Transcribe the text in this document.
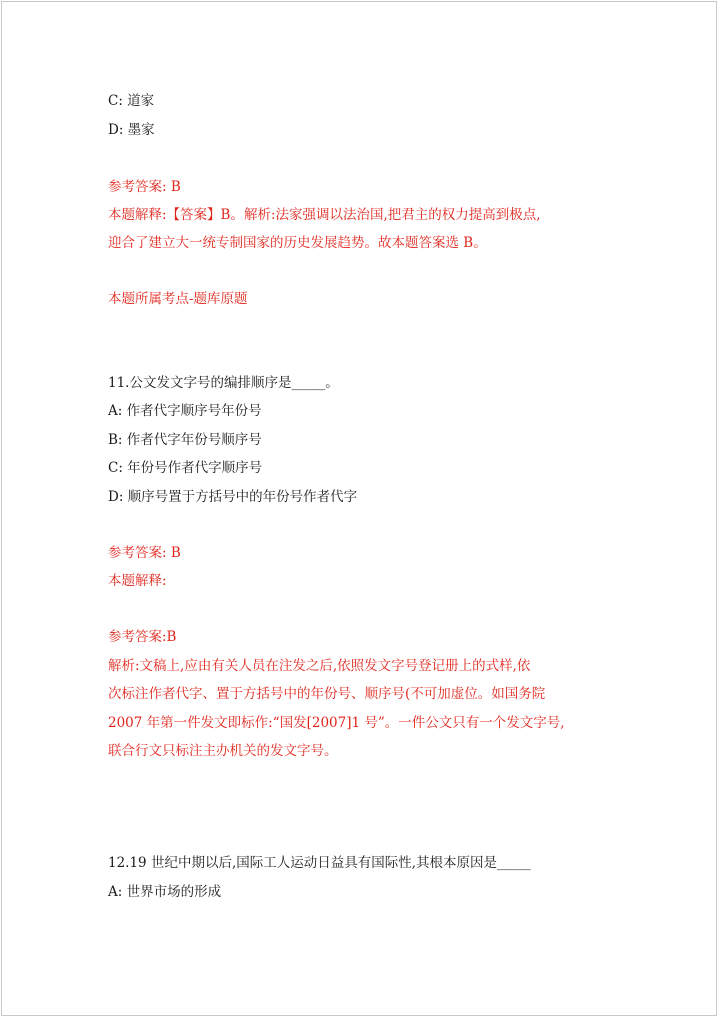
C: 道家
D: 墨家
参考答案: B
本题解释:【答案】B。解析:法家强调以法治国,把君主的权力提高到极点,
迎合了建立大一统专制国家的历史发展趋势。故本题答案选 B。
本题所属考点-题库原题
11.公文发文字号的编排顺序是_____。
A: 作者代字顺序号年份号
B: 作者代字年份号顺序号
C: 年份号作者代字顺序号
D: 顺序号置于方括号中的年份号作者代字
参考答案: B
本题解释:
参考答案:B
解析:文稿上,应由有关人员在注发之后,依照发文字号登记册上的式样,依
次标注作者代字、置于方括号中的年份号、顺序号(不可加虚位。如国务院
2007 年第一件发文即标作:“国发[2007]1 号”。一件公文只有一个发文字号,
联合行文只标注主办机关的发文字号。
12.19 世纪中期以后,国际工人运动日益具有国际性,其根本原因是_____
A: 世界市场的形成
